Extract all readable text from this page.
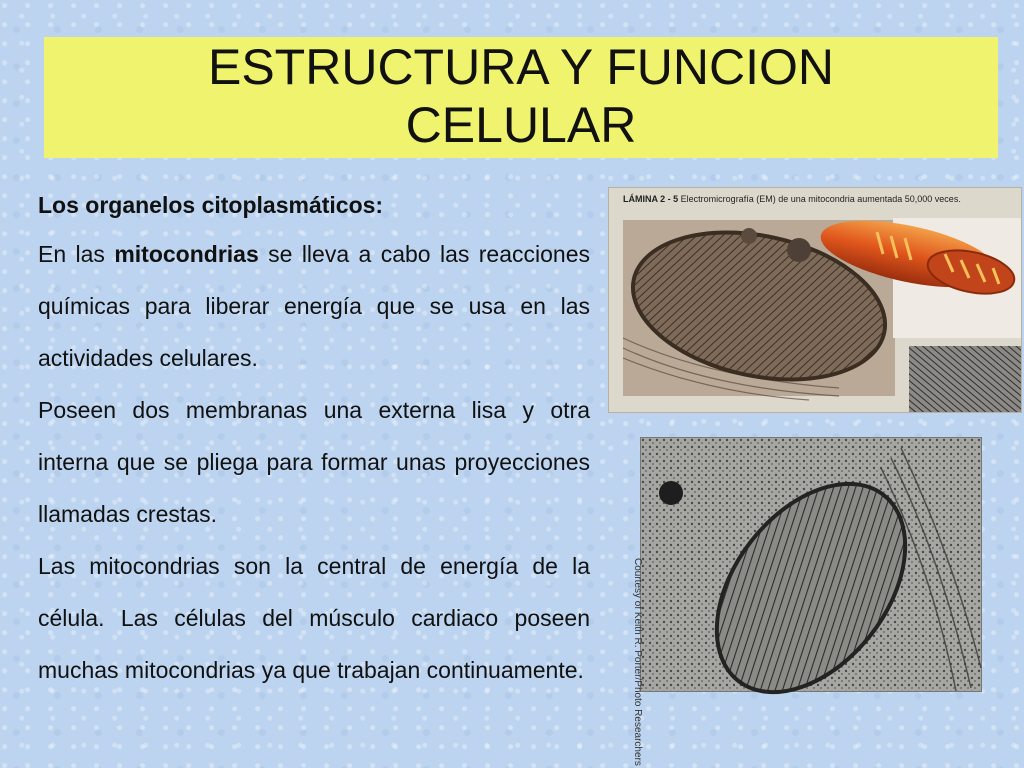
ESTRUCTURA Y FUNCION
CELULAR
Los organelos citoplasmáticos:
En las mitocondrias se lleva a cabo las reacciones químicas para liberar energía que se usa en las actividades celulares.
Poseen dos membranas una externa lisa y otra interna que se pliega para formar unas proyecciones llamadas crestas.
Las mitocondrias son la central de energía de la célula. Las células del músculo cardiaco poseen muchas mitocondrias ya que trabajan continuamente.
LÁMINA 2 - 5 Electromicrografía (EM) de una mitocondria aumentada 50,000 veces.
Courtesy of Keith R. Porter/Photo Researchers
